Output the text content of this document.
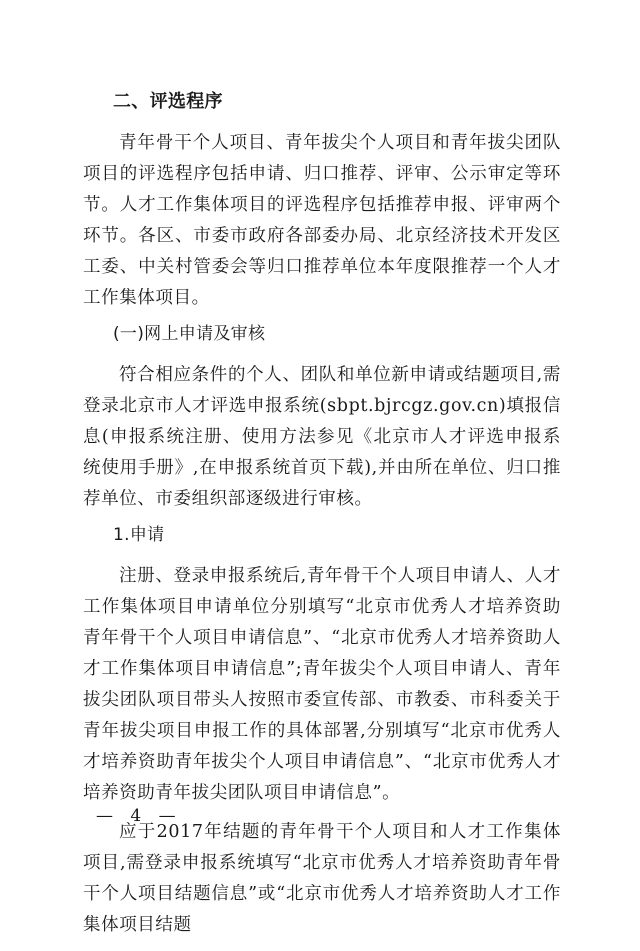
二、评选程序

青年骨干个人项目、青年拔尖个人项目和青年拔尖团队项目的评选程序包括申请、归口推荐、评审、公示审定等环节。人才工作集体项目的评选程序包括推荐申报、评审两个环节。各区、市委市政府各部委办局、北京经济技术开发区工委、中关村管委会等归口推荐单位本年度限推荐一个人才工作集体项目。

(一)网上申请及审核

符合相应条件的个人、团队和单位新申请或结题项目,需登录北京市人才评选申报系统(sbpt.bjrcgz.gov.cn)填报信息(申报系统注册、使用方法参见《北京市人才评选申报系统使用手册》,在申报系统首页下载),并由所在单位、归口推荐单位、市委组织部逐级进行审核。

1.申请

注册、登录申报系统后,青年骨干个人项目申请人、人才工作集体项目申请单位分别填写“北京市优秀人才培养资助青年骨干个人项目申请信息”、“北京市优秀人才培养资助人才工作集体项目申请信息”;青年拔尖个人项目申请人、青年拔尖团队项目带头人按照市委宣传部、市教委、市科委关于青年拔尖项目申报工作的具体部署,分别填写“北京市优秀人才培养资助青年拔尖个人项目申请信息”、“北京市优秀人才培养资助青年拔尖团队项目申请信息”。

应于2017年结题的青年骨干个人项目和人才工作集体项目,需登录申报系统填写“北京市优秀人才培养资助青年骨干个人项目结题信息”或“北京市优秀人才培养资助人才工作集体项目结题

— 4 —
